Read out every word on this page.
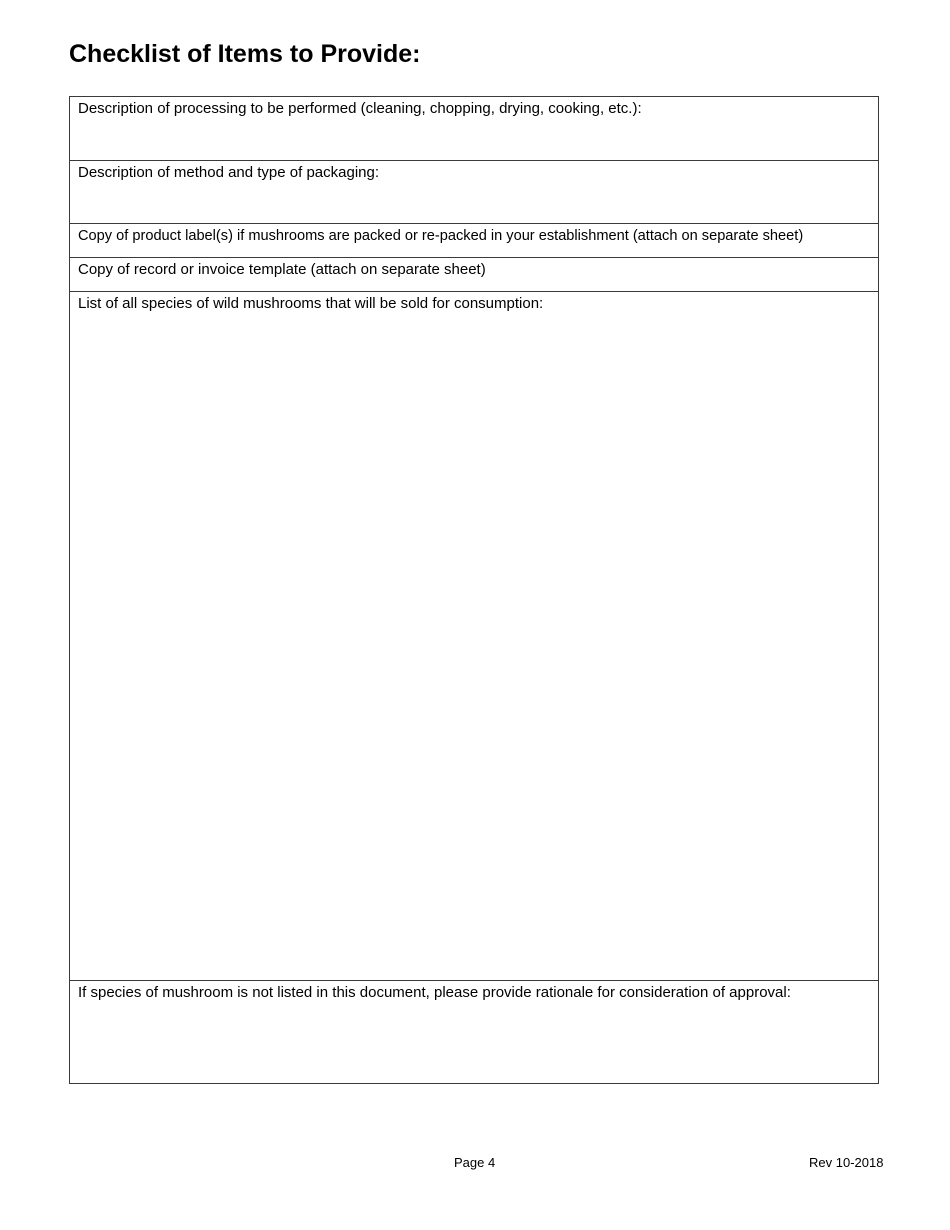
Checklist of Items to Provide:
Description of processing to be performed (cleaning, chopping, drying, cooking, etc.):
Description of method and type of packaging:
Copy of product label(s) if mushrooms are packed or re-packed in your establishment (attach on separate sheet)
Copy of record or invoice template (attach on separate sheet)
List of all species of wild mushrooms that will be sold for consumption:
If species of mushroom is not listed in this document, please provide rationale for consideration of approval:
Page 4	Rev 10-2018
